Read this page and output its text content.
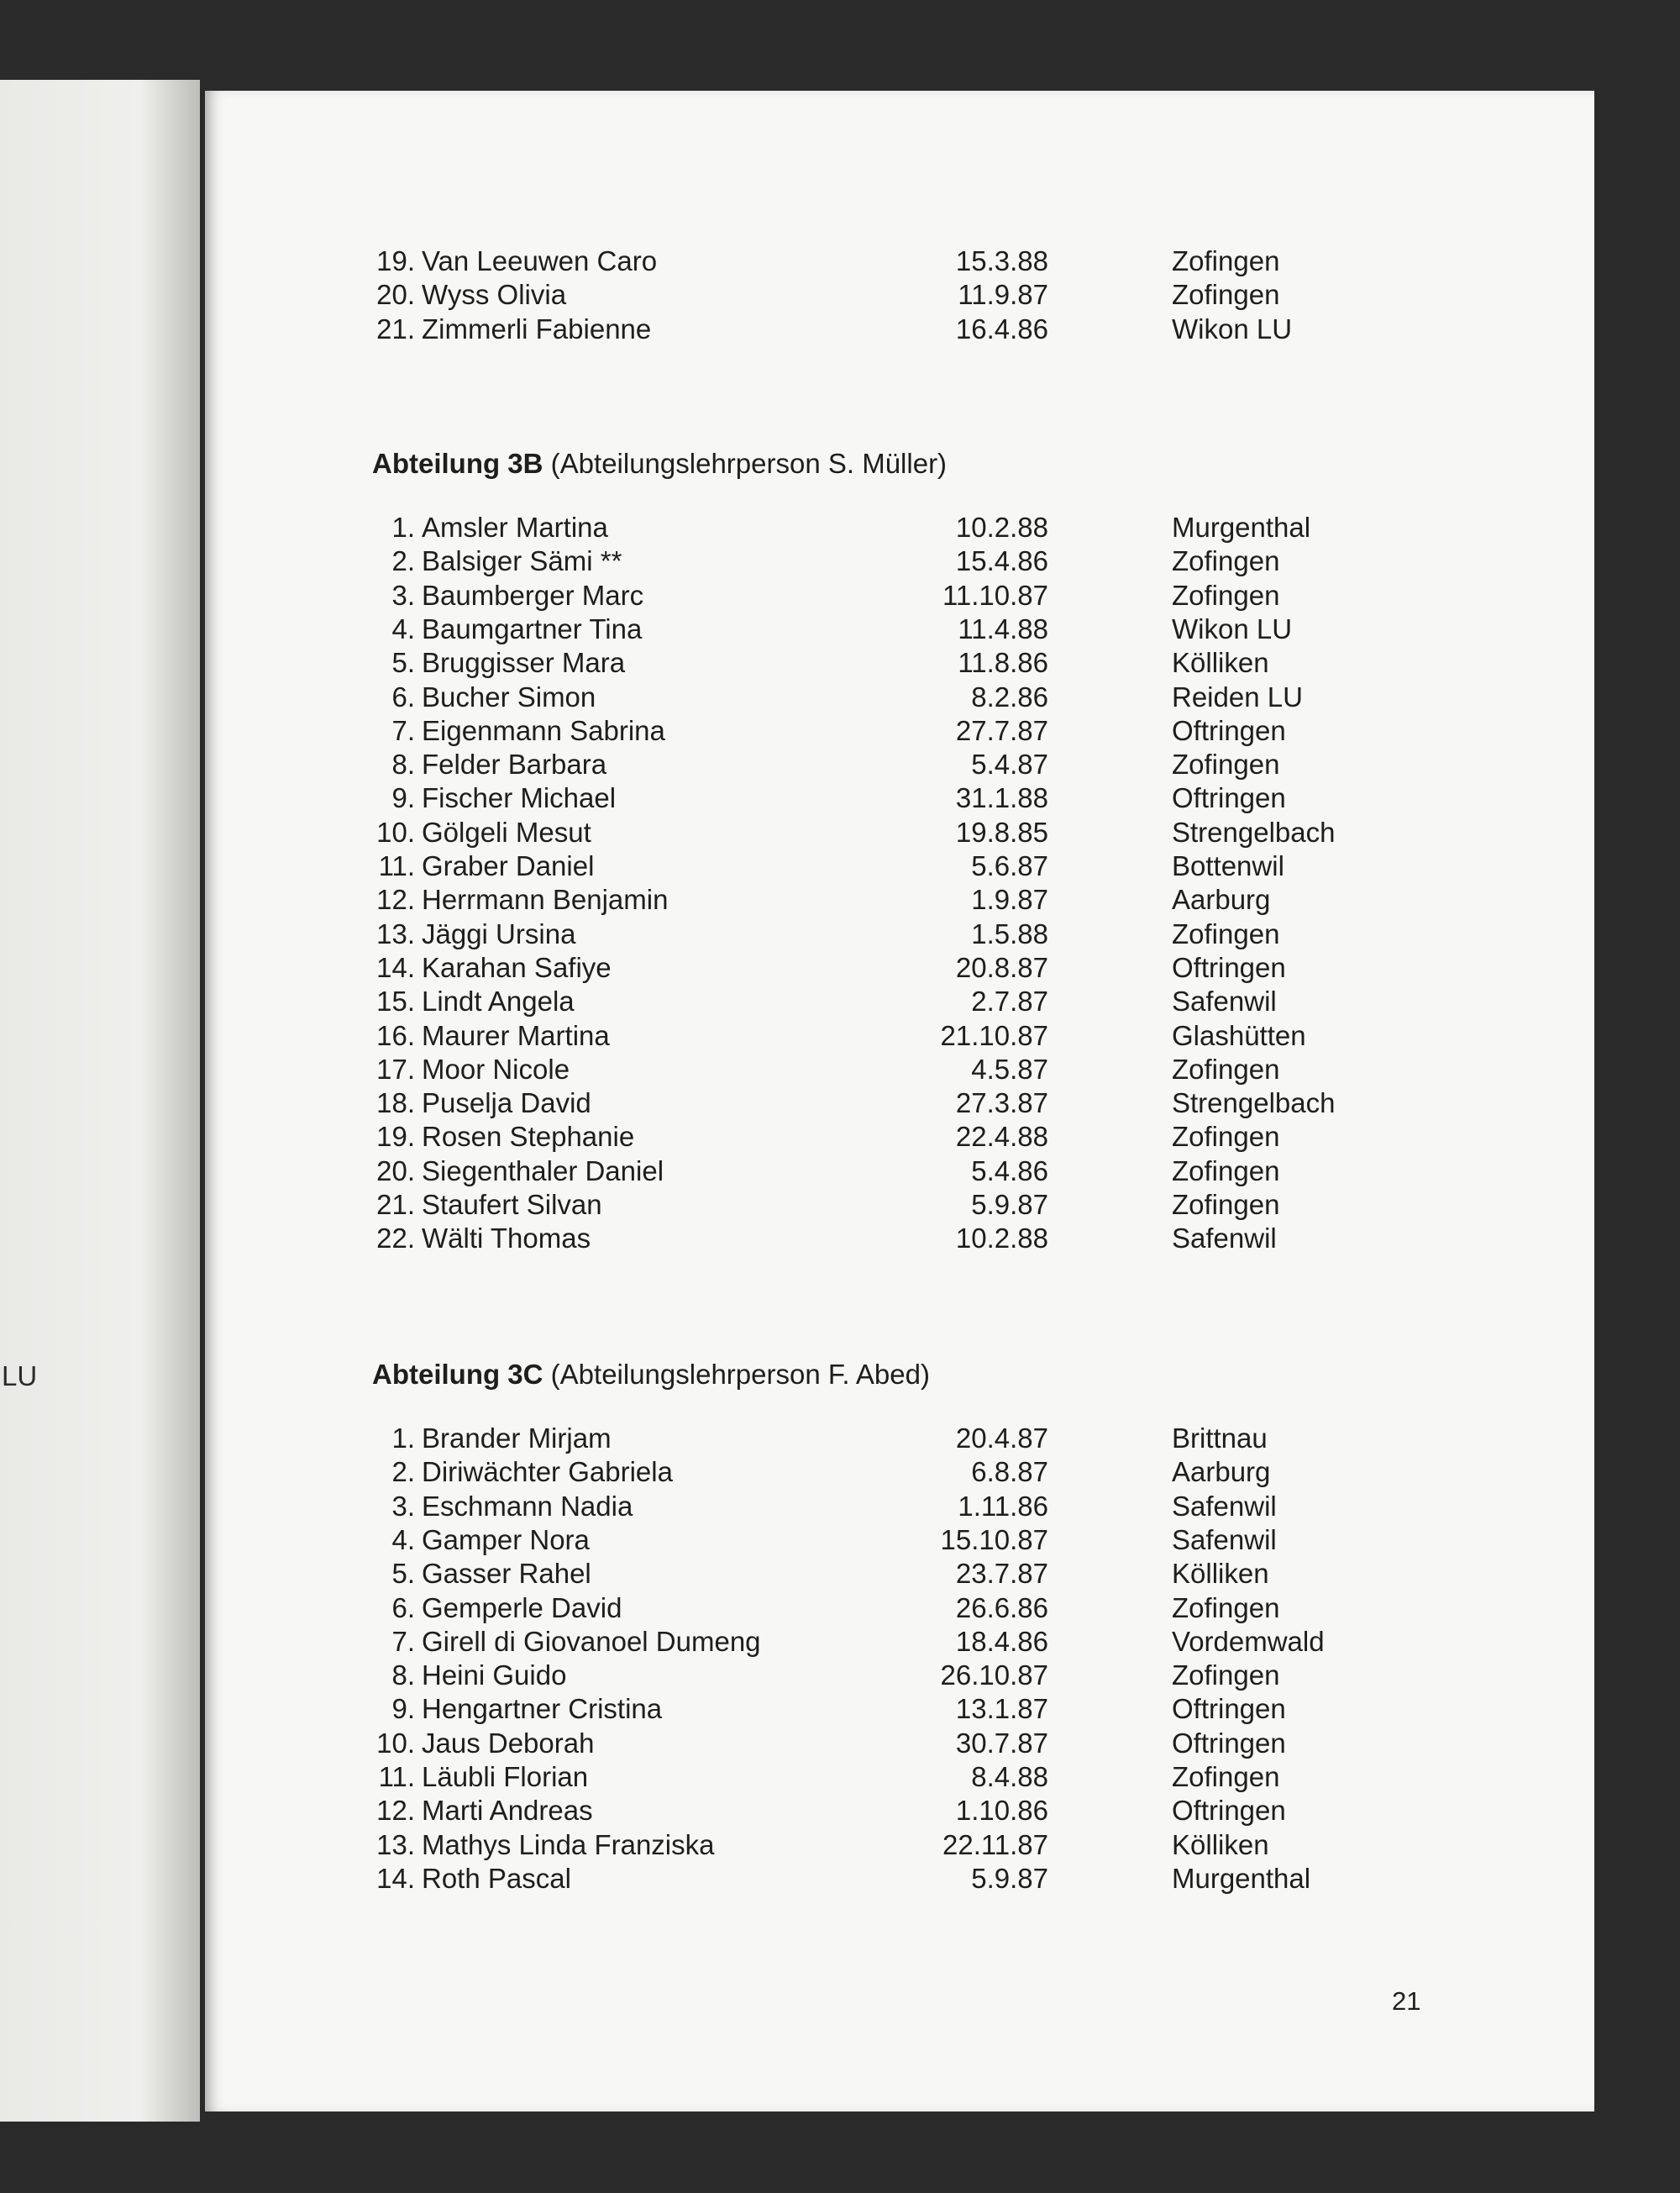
LU
19. Van Leeuwen Caro	15.3.88	Zofingen
20. Wyss Olivia	11.9.87	Zofingen
21. Zimmerli Fabienne	16.4.86	Wikon LU
Abteilung 3B (Abteilungslehrperson S. Müller)
1. Amsler Martina	10.2.88	Murgenthal
2. Balsiger Sämi **	15.4.86	Zofingen
3. Baumberger Marc	11.10.87	Zofingen
4. Baumgartner Tina	11.4.88	Wikon LU
5. Bruggisser Mara	11.8.86	Kölliken
6. Bucher Simon	8.2.86	Reiden LU
7. Eigenmann Sabrina	27.7.87	Oftringen
8. Felder Barbara	5.4.87	Zofingen
9. Fischer Michael	31.1.88	Oftringen
10. Gölgeli Mesut	19.8.85	Strengelbach
11. Graber Daniel	5.6.87	Bottenwil
12. Herrmann Benjamin	1.9.87	Aarburg
13. Jäggi Ursina	1.5.88	Zofingen
14. Karahan Safiye	20.8.87	Oftringen
15. Lindt Angela	2.7.87	Safenwil
16. Maurer Martina	21.10.87	Glashütten
17. Moor Nicole	4.5.87	Zofingen
18. Puselja David	27.3.87	Strengelbach
19. Rosen Stephanie	22.4.88	Zofingen
20. Siegenthaler Daniel	5.4.86	Zofingen
21. Staufert Silvan	5.9.87	Zofingen
22. Wälti Thomas	10.2.88	Safenwil
Abteilung 3C (Abteilungslehrperson F. Abed)
1. Brander Mirjam	20.4.87	Brittnau
2. Diriwächter Gabriela	6.8.87	Aarburg
3. Eschmann Nadia	1.11.86	Safenwil
4. Gamper Nora	15.10.87	Safenwil
5. Gasser Rahel	23.7.87	Kölliken
6. Gemperle David	26.6.86	Zofingen
7. Girell di Giovanoel Dumeng	18.4.86	Vordemwald
8. Heini Guido	26.10.87	Zofingen
9. Hengartner Cristina	13.1.87	Oftringen
10. Jaus Deborah	30.7.87	Oftringen
11. Läubli Florian	8.4.88	Zofingen
12. Marti Andreas	1.10.86	Oftringen
13. Mathys Linda Franziska	22.11.87	Kölliken
14. Roth Pascal	5.9.87	Murgenthal
21
